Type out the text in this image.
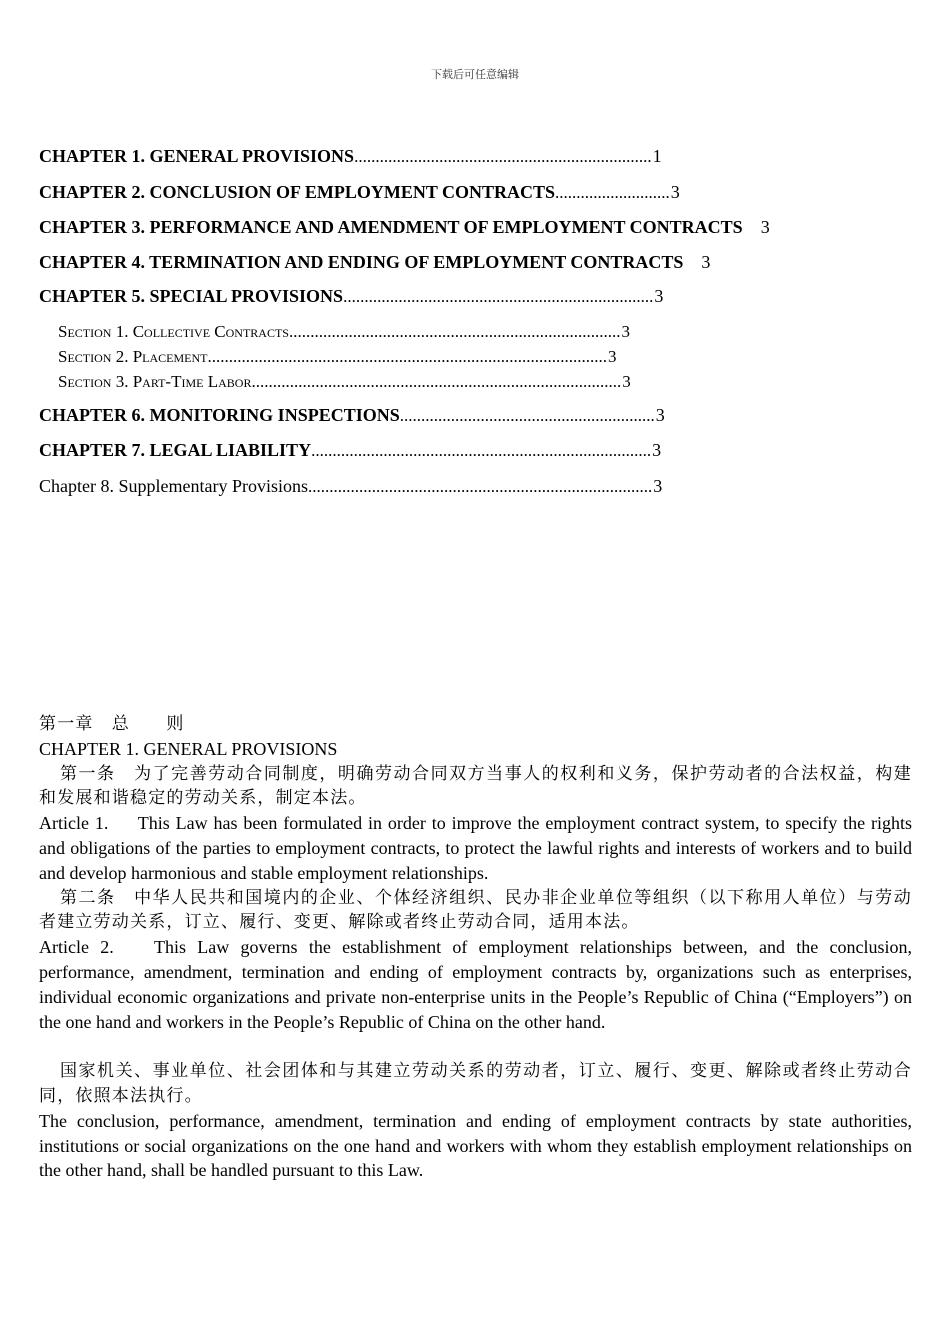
下载后可任意编辑
CHAPTER 1. GENERAL PROVISIONS ...................................................................... 1
CHAPTER 2. CONCLUSION OF EMPLOYMENT CONTRACTS ........................... 3
CHAPTER 3. PERFORMANCE AND AMENDMENT OF EMPLOYMENT CONTRACTS 3
CHAPTER 4. TERMINATION AND ENDING OF EMPLOYMENT CONTRACTS 3
CHAPTER 5. SPECIAL PROVISIONS ......................................................................... 3
Section 1. Collective Contracts .............................................................................. 3
Section 2. Placement .............................................................................................. 3
Section 3. Part-Time Labor ....................................................................................... 3
CHAPTER 6. MONITORING INSPECTIONS ............................................................ 3
CHAPTER 7. LEGAL LIABILITY ................................................................................ 3
Chapter 8. Supplementary Provisions ................................................................................. 3

第一章　总　　则

CHAPTER 1. GENERAL PROVISIONS

第一条　为了完善劳动合同制度，明确劳动合同双方当事人的权利和义务，保护劳动者的合法权益，构建和发展和谐稳定的劳动关系，制定本法。

Article 1.   This Law has been formulated in order to improve the employment contract system, to specify the rights and obligations of the parties to employment contracts, to protect the lawful rights and interests of workers and to build and develop harmonious and stable employment relationships.

第二条　中华人民共和国境内的企业、个体经济组织、民办非企业单位等组织（以下称用人单位）与劳动者建立劳动关系，订立、履行、变更、解除或者终止劳动合同，适用本法。

Article 2.   This Law governs the establishment of employment relationships between, and the conclusion, performance, amendment, termination and ending of employment contracts by, organizations such as enterprises, individual economic organizations and private non-enterprise units in the People’s Republic of China (“Employers”) on the one hand and workers in the People’s Republic of China on the other hand.

国家机关、事业单位、社会团体和与其建立劳动关系的劳动者，订立、履行、变更、解除或者终止劳动合同，依照本法执行。

The conclusion, performance, amendment, termination and ending of employment contracts by state authorities, institutions or social organizations on the one hand and workers with whom they establish employment relationships on the other hand, shall be handled pursuant to this Law.
